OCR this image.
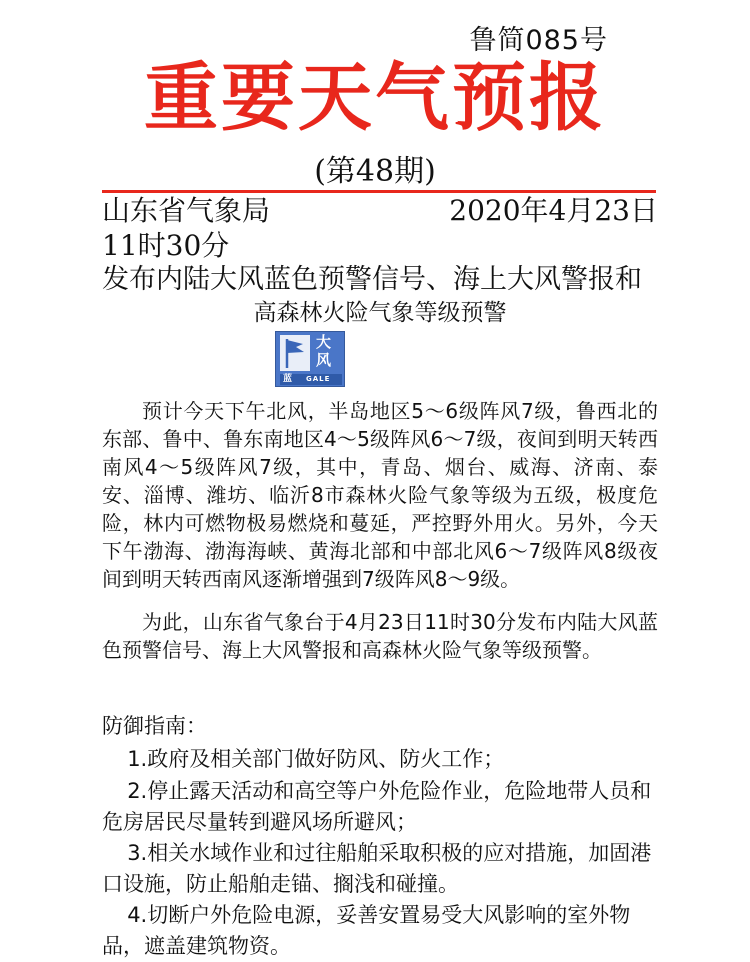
鲁简085号
重要天气预报
(第48期)
山东省气象局	2020年4月23日
11时30分
发布内陆大风蓝色预警信号、海上大风警报和
高森林火险气象等级预警
大
风
蓝 GALE

预计今天下午北风，半岛地区5～6级阵风7级，鲁西北的东部、鲁中、鲁东南地区4～5级阵风6～7级，夜间到明天转西南风4～5级阵风7级，其中，青岛、烟台、威海、济南、泰安、淄博、潍坊、临沂8市森林火险气象等级为五级，极度危险，林内可燃物极易燃烧和蔓延，严控野外用火。另外，今天下午渤海、渤海海峡、黄海北部和中部北风6～7级阵风8级夜间到明天转西南风逐渐增强到7级阵风8～9级。

为此，山东省气象台于4月23日11时30分发布内陆大风蓝色预警信号、海上大风警报和高森林火险气象等级预警。

防御指南：

1.政府及相关部门做好防风、防火工作；

2.停止露天活动和高空等户外危险作业，危险地带人员和危房居民尽量转到避风场所避风；

3.相关水域作业和过往船舶采取积极的应对措施，加固港口设施，防止船舶走锚、搁浅和碰撞。

4.切断户外危险电源，妥善安置易受大风影响的室外物品，遮盖建筑物资。
